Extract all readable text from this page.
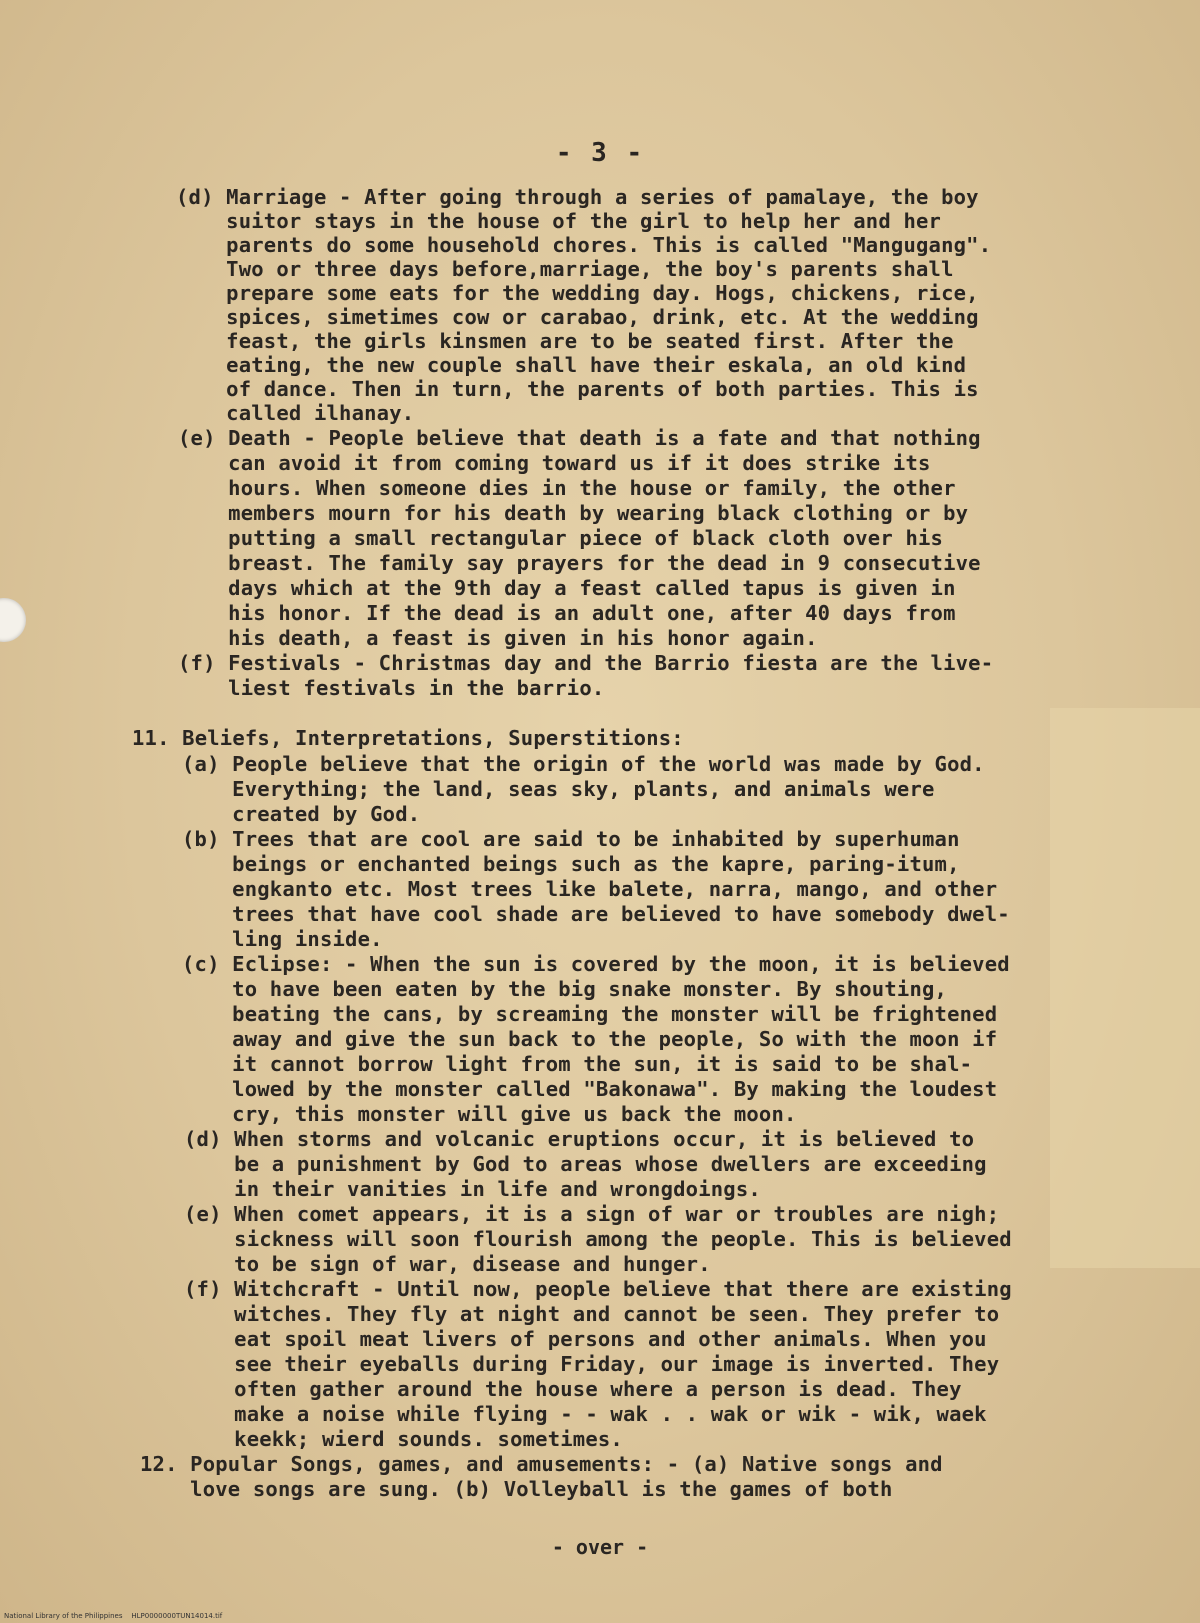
- 3 -
(d) Marriage - After going through a series of pamalaye, the boy
suitor stays in the house of the girl to help her and her
parents do some household chores. This is called "Mangugang".
Two or three days before,marriage, the boy's parents shall
prepare some eats for the wedding day. Hogs, chickens, rice,
spices, simetimes cow or carabao, drink, etc. At the wedding
feast, the girls kinsmen are to be seated first. After the
eating, the new couple shall have their eskala, an old kind
of dance. Then in turn, the parents of both parties. This is
called ilhanay.
(e) Death - People believe that death is a fate and that nothing
can avoid it from coming toward us if it does strike its
hours. When someone dies in the house or family, the other
members mourn for his death by wearing black clothing or by
putting a small rectangular piece of black cloth over his
breast. The family say prayers for the dead in 9 consecutive
days which at the 9th day a feast called tapus is given in
his honor. If the dead is an adult one, after 40 days from
his death, a feast is given in his honor again.
(f) Festivals - Christmas day and the Barrio fiesta are the live-
liest festivals in the barrio.
11. Beliefs, Interpretations, Superstitions:
(a) People believe that the origin of the world was made by God.
Everything; the land, seas sky, plants, and animals were
created by God.
(b) Trees that are cool are said to be inhabited by superhuman
beings or enchanted beings such as the kapre, paring-itum,
engkanto etc. Most trees like balete, narra, mango, and other
trees that have cool shade are believed to have somebody dwel-
ling inside.
(c) Eclipse: - When the sun is covered by the moon, it is believed
to have been eaten by the big snake monster. By shouting,
beating the cans, by screaming the monster will be frightened
away and give the sun back to the people, So with the moon if
it cannot borrow light from the sun, it is said to be shal-
lowed by the monster called "Bakonawa". By making the loudest
cry, this monster will give us back the moon.
(d) When storms and volcanic eruptions occur, it is believed to
be a punishment by God to areas whose dwellers are exceeding
in their vanities in life and wrongdoings.
(e) When comet appears, it is a sign of war or troubles are nigh;
sickness will soon flourish among the people. This is believed
to be sign of war, disease and hunger.
(f) Witchcraft - Until now, people believe that there are existing
witches. They fly at night and cannot be seen. They prefer to
eat spoil meat livers of persons and other animals. When you
see their eyeballs during Friday, our image is inverted. They
often gather around the house where a person is dead. They
make a noise while flying - - wak . . wak or wik - wik, waek
keekk; wierd sounds. sometimes.
12. Popular Songs, games, and amusements: - (a) Native songs and
love songs are sung. (b) Volleyball is the games of both
- over -
National Library of the Philippines    HLP0000000TUN14014.tif
